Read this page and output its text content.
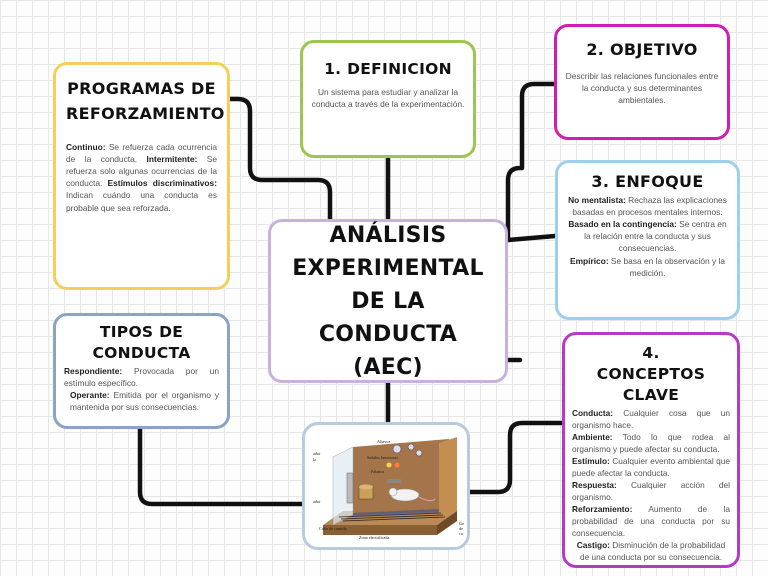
1. DEFINICION
Un sistema para estudiar y analizar la conducta a través de la experimentación.
2. OBJETIVO
Describir las relaciones funcionales entre la conducta y sus determinantes ambientales.
3. ENFOQUE

No mentalista: Rechaza las explicaciones basadas en procesos mentales internos.

Basado en la contingencia: Se centra en la relación entre la conducta y sus consecuencias.

Empírico: Se basa en la observación y la medición.

4. CONCEPTOS CLAVE

Conducta: Cualquier cosa que un organismo hace.

Ambiente: Todo lo que rodea al organismo y puede afectar su conducta.

Estímulo: Cualquier evento ambiental que puede afectar la conducta.

Respuesta: Cualquier acción del organismo.

Reforzamiento: Aumento de la probabilidad de una conducta por su consecuencia.

Castigo: Disminución de la probabilidad de una conducta por su consecuencia.

PROGRAMAS DE REFORZAMIENTO

Continuo: Se refuerza cada ocurrencia de la conducta. Intermitente: Se refuerza solo algunas ocurrencias de la conducta. Estímulos discriminativos: Indican cuándo una conducta es probable que sea reforzada.

TIPOS DE CONDUCTA

Respondiente: Provocada por un estímulo específico.

Operante: Emitida por el organismo y mantenida por sus consecuencias.

ANÁLISIS EXPERIMENTAL DE LA CONDUCTA (AEC)
Altavoz
Señales luminosas
Palanca
Cubo de comida
Zona electrificada
ador
la
ador
Ge
de
co
